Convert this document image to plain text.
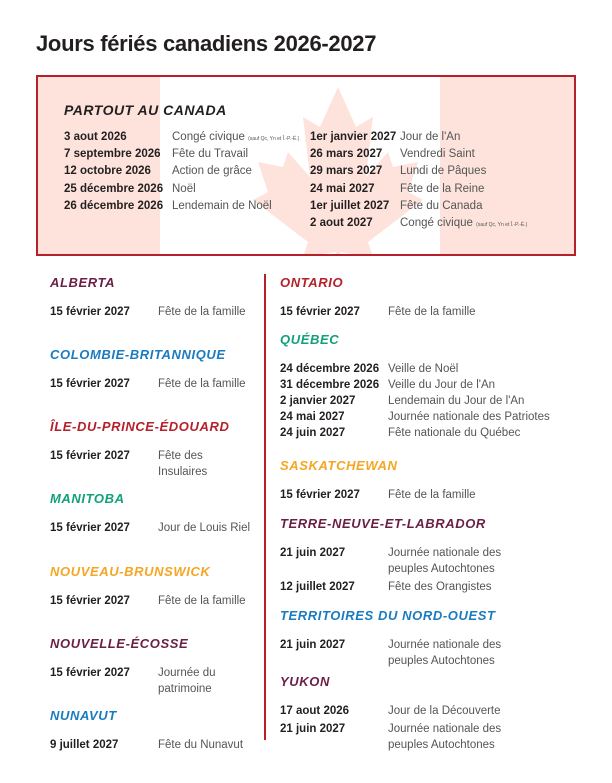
Jours fériés canadiens 2026-2027
PARTOUT AU CANADA
3 aout 2026	Congé civique (sauf Qc, Yn et Î.-P.-É.)
7 septembre 2026 Fête du Travail
12 octobre 2026	Action de grâce
25 décembre 2026 Noël
26 décembre 2026 Lendemain de Noël
1er janvier 2027 Jour de l'An
26 mars 2027	Vendredi Saint
29 mars 2027	Lundi de Pâques
24 mai 2027	Fête de la Reine
1er juillet 2027 Fête du Canada
2 aout 2027	Congé civique (sauf Qc, Yn et Î.-P.-É.)
ALBERTA
15 février 2027	Fête de la famille
COLOMBIE-BRITANNIQUE
15 février 2027	Fête de la famille
ÎLE-DU-PRINCE-ÉDOUARD
15 février 2027	Fête des Insulaires
MANITOBA
15 février 2027	Jour de Louis Riel
NOUVEAU-BRUNSWICK
15 février 2027	Fête de la famille
NOUVELLE-ÉCOSSE
15 février 2027	Journée du patrimoine
NUNAVUT
9 juillet 2027	Fête du Nunavut
ONTARIO
15 février 2027	Fête de la famille
QUÉBEC
24 décembre 2026 Veille de Noël
31 décembre 2026 Veille du Jour de l'An
2 janvier 2027	Lendemain du Jour de l'An
24 mai 2027	Journée nationale des Patriotes
24 juin 2027	Fête nationale du Québec
SASKATCHEWAN
15 février 2027	Fête de la famille
TERRE-NEUVE-ET-LABRADOR
21 juin 2027	Journée nationale des peuples Autochtones
12 juillet 2027	Fête des Orangistes
TERRITOIRES DU NORD-OUEST
21 juin 2027	Journée nationale des peuples Autochtones
YUKON
17 aout 2026	Jour de la Découverte
21 juin 2027	Journée nationale des peuples Autochtones
